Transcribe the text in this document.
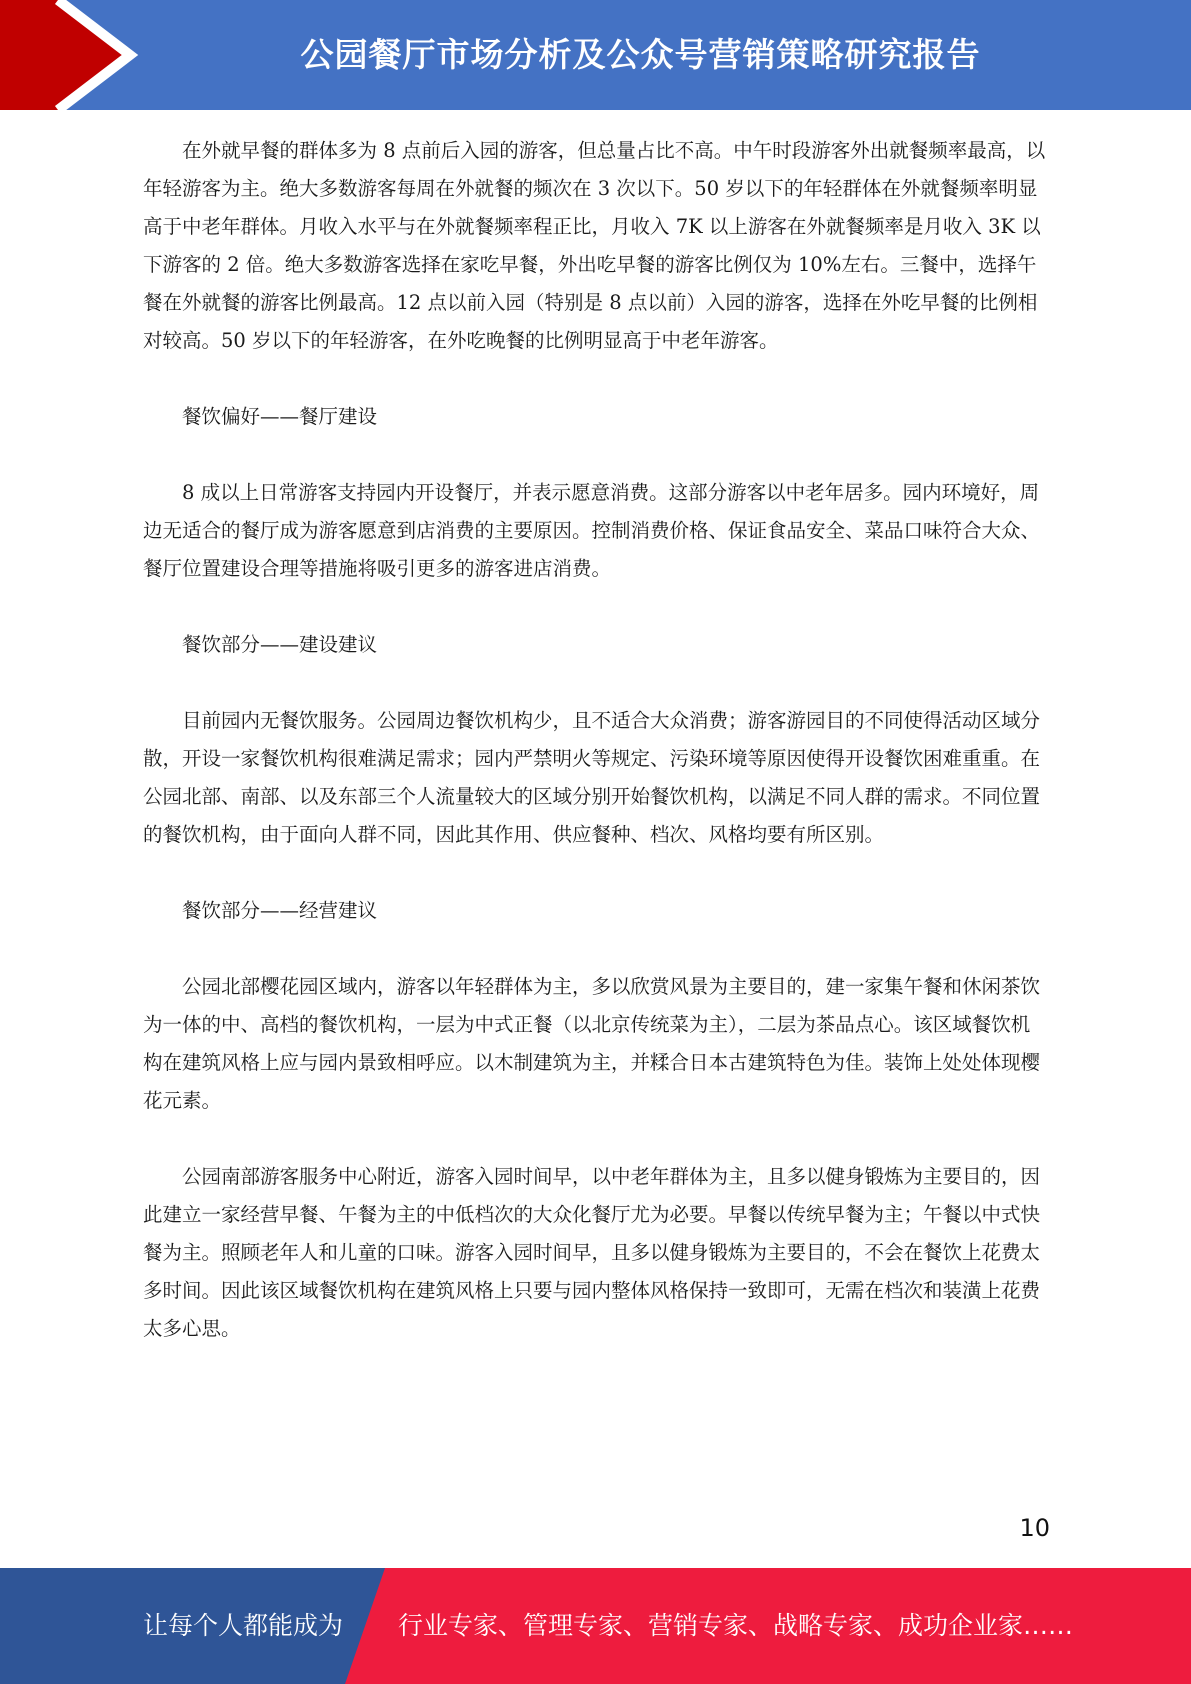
公园餐厅市场分析及公众号营销策略研究报告

在外就早餐的群体多为 8 点前后入园的游客，但总量占比不高。中午时段游客外出就餐频率最高，以年轻游客为主。绝大多数游客每周在外就餐的频次在 3 次以下。50 岁以下的年轻群体在外就餐频率明显高于中老年群体。月收入水平与在外就餐频率程正比，月收入 7K 以上游客在外就餐频率是月收入 3K 以下游客的 2 倍。绝大多数游客选择在家吃早餐，外出吃早餐的游客比例仅为 10%左右。三餐中，选择午餐在外就餐的游客比例最高。12 点以前入园（特别是 8 点以前）入园的游客，选择在外吃早餐的比例相对较高。50 岁以下的年轻游客，在外吃晚餐的比例明显高于中老年游客。

餐饮偏好——餐厅建设

8 成以上日常游客支持园内开设餐厅，并表示愿意消费。这部分游客以中老年居多。园内环境好，周边无适合的餐厅成为游客愿意到店消费的主要原因。控制消费价格、保证食品安全、菜品口味符合大众、餐厅位置建设合理等措施将吸引更多的游客进店消费。

餐饮部分——建设建议

目前园内无餐饮服务。公园周边餐饮机构少，且不适合大众消费；游客游园目的不同使得活动区域分散，开设一家餐饮机构很难满足需求；园内严禁明火等规定、污染环境等原因使得开设餐饮困难重重。在公园北部、南部、以及东部三个人流量较大的区域分别开始餐饮机构，以满足不同人群的需求。不同位置的餐饮机构，由于面向人群不同，因此其作用、供应餐种、档次、风格均要有所区别。

餐饮部分——经营建议

公园北部樱花园区域内，游客以年轻群体为主，多以欣赏风景为主要目的，建一家集午餐和休闲茶饮为一体的中、高档的餐饮机构，一层为中式正餐（以北京传统菜为主），二层为茶品点心。该区域餐饮机构在建筑风格上应与园内景致相呼应。以木制建筑为主，并糅合日本古建筑特色为佳。装饰上处处体现樱花元素。

公园南部游客服务中心附近，游客入园时间早，以中老年群体为主，且多以健身锻炼为主要目的，因此建立一家经营早餐、午餐为主的中低档次的大众化餐厅尤为必要。早餐以传统早餐为主；午餐以中式快餐为主。照顾老年人和儿童的口味。游客入园时间早，且多以健身锻炼为主要目的，不会在餐饮上花费太多时间。因此该区域餐饮机构在建筑风格上只要与园内整体风格保持一致即可，无需在档次和装潢上花费太多心思。

10
让每个人都能成为 行业专家、管理专家、营销专家、战略专家、成功企业家……
